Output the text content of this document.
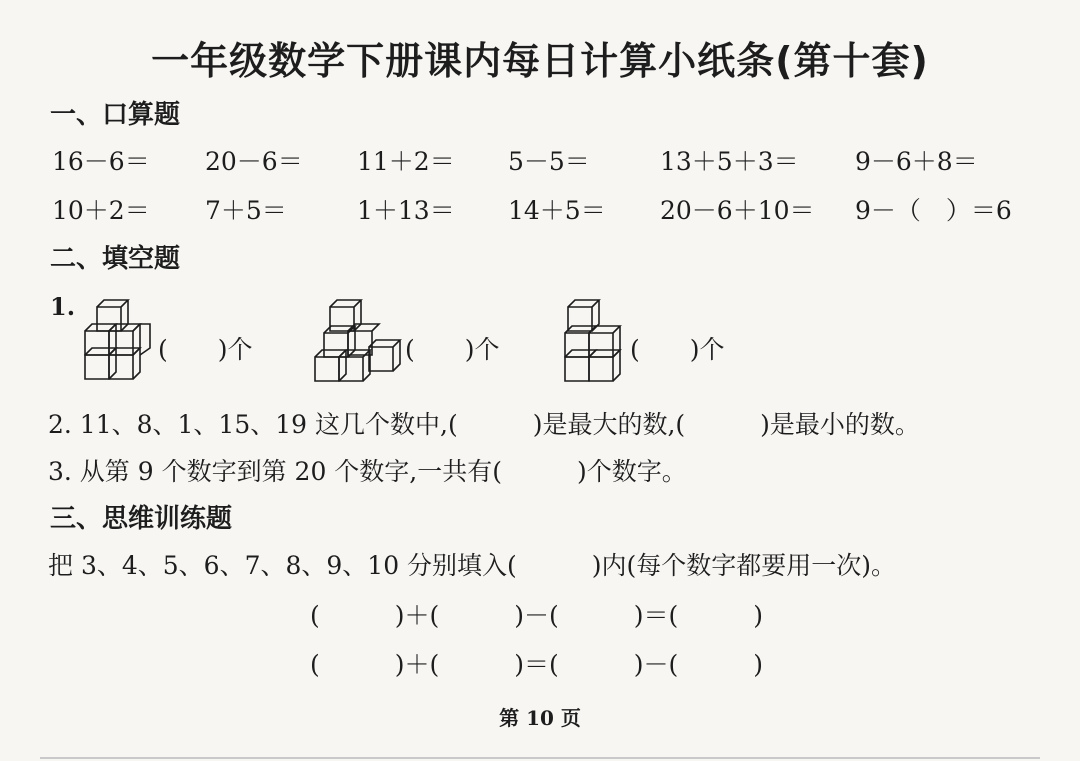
一年级数学下册课内每日计算小纸条(第十套)
一、口算题
16－6＝ 20－6＝ 11＋2＝ 5－5＝	13＋5＋3＝ 9－6＋8＝
10＋2＝ 7＋5＝	1＋13＝ 14＋5＝ 20－6＋10＝ 9－（　）＝6
二、填空题
1.
(　　)个	(　　)个	(　　)个
2. 11、8、1、15、19 这几个数中,(　　　)是最大的数,(　　　)是最小的数。
3. 从第 9 个数字到第 20 个数字,一共有(　　　)个数字。
三、思维训练题
把 3、4、5、6、7、8、9、10 分别填入(　　　)内(每个数字都要用一次)。
(　　　)＋(　　　)－(　　　)＝(　　　)
(　　　)＋(　　　)＝(　　　)－(　　　)
第 10 页
